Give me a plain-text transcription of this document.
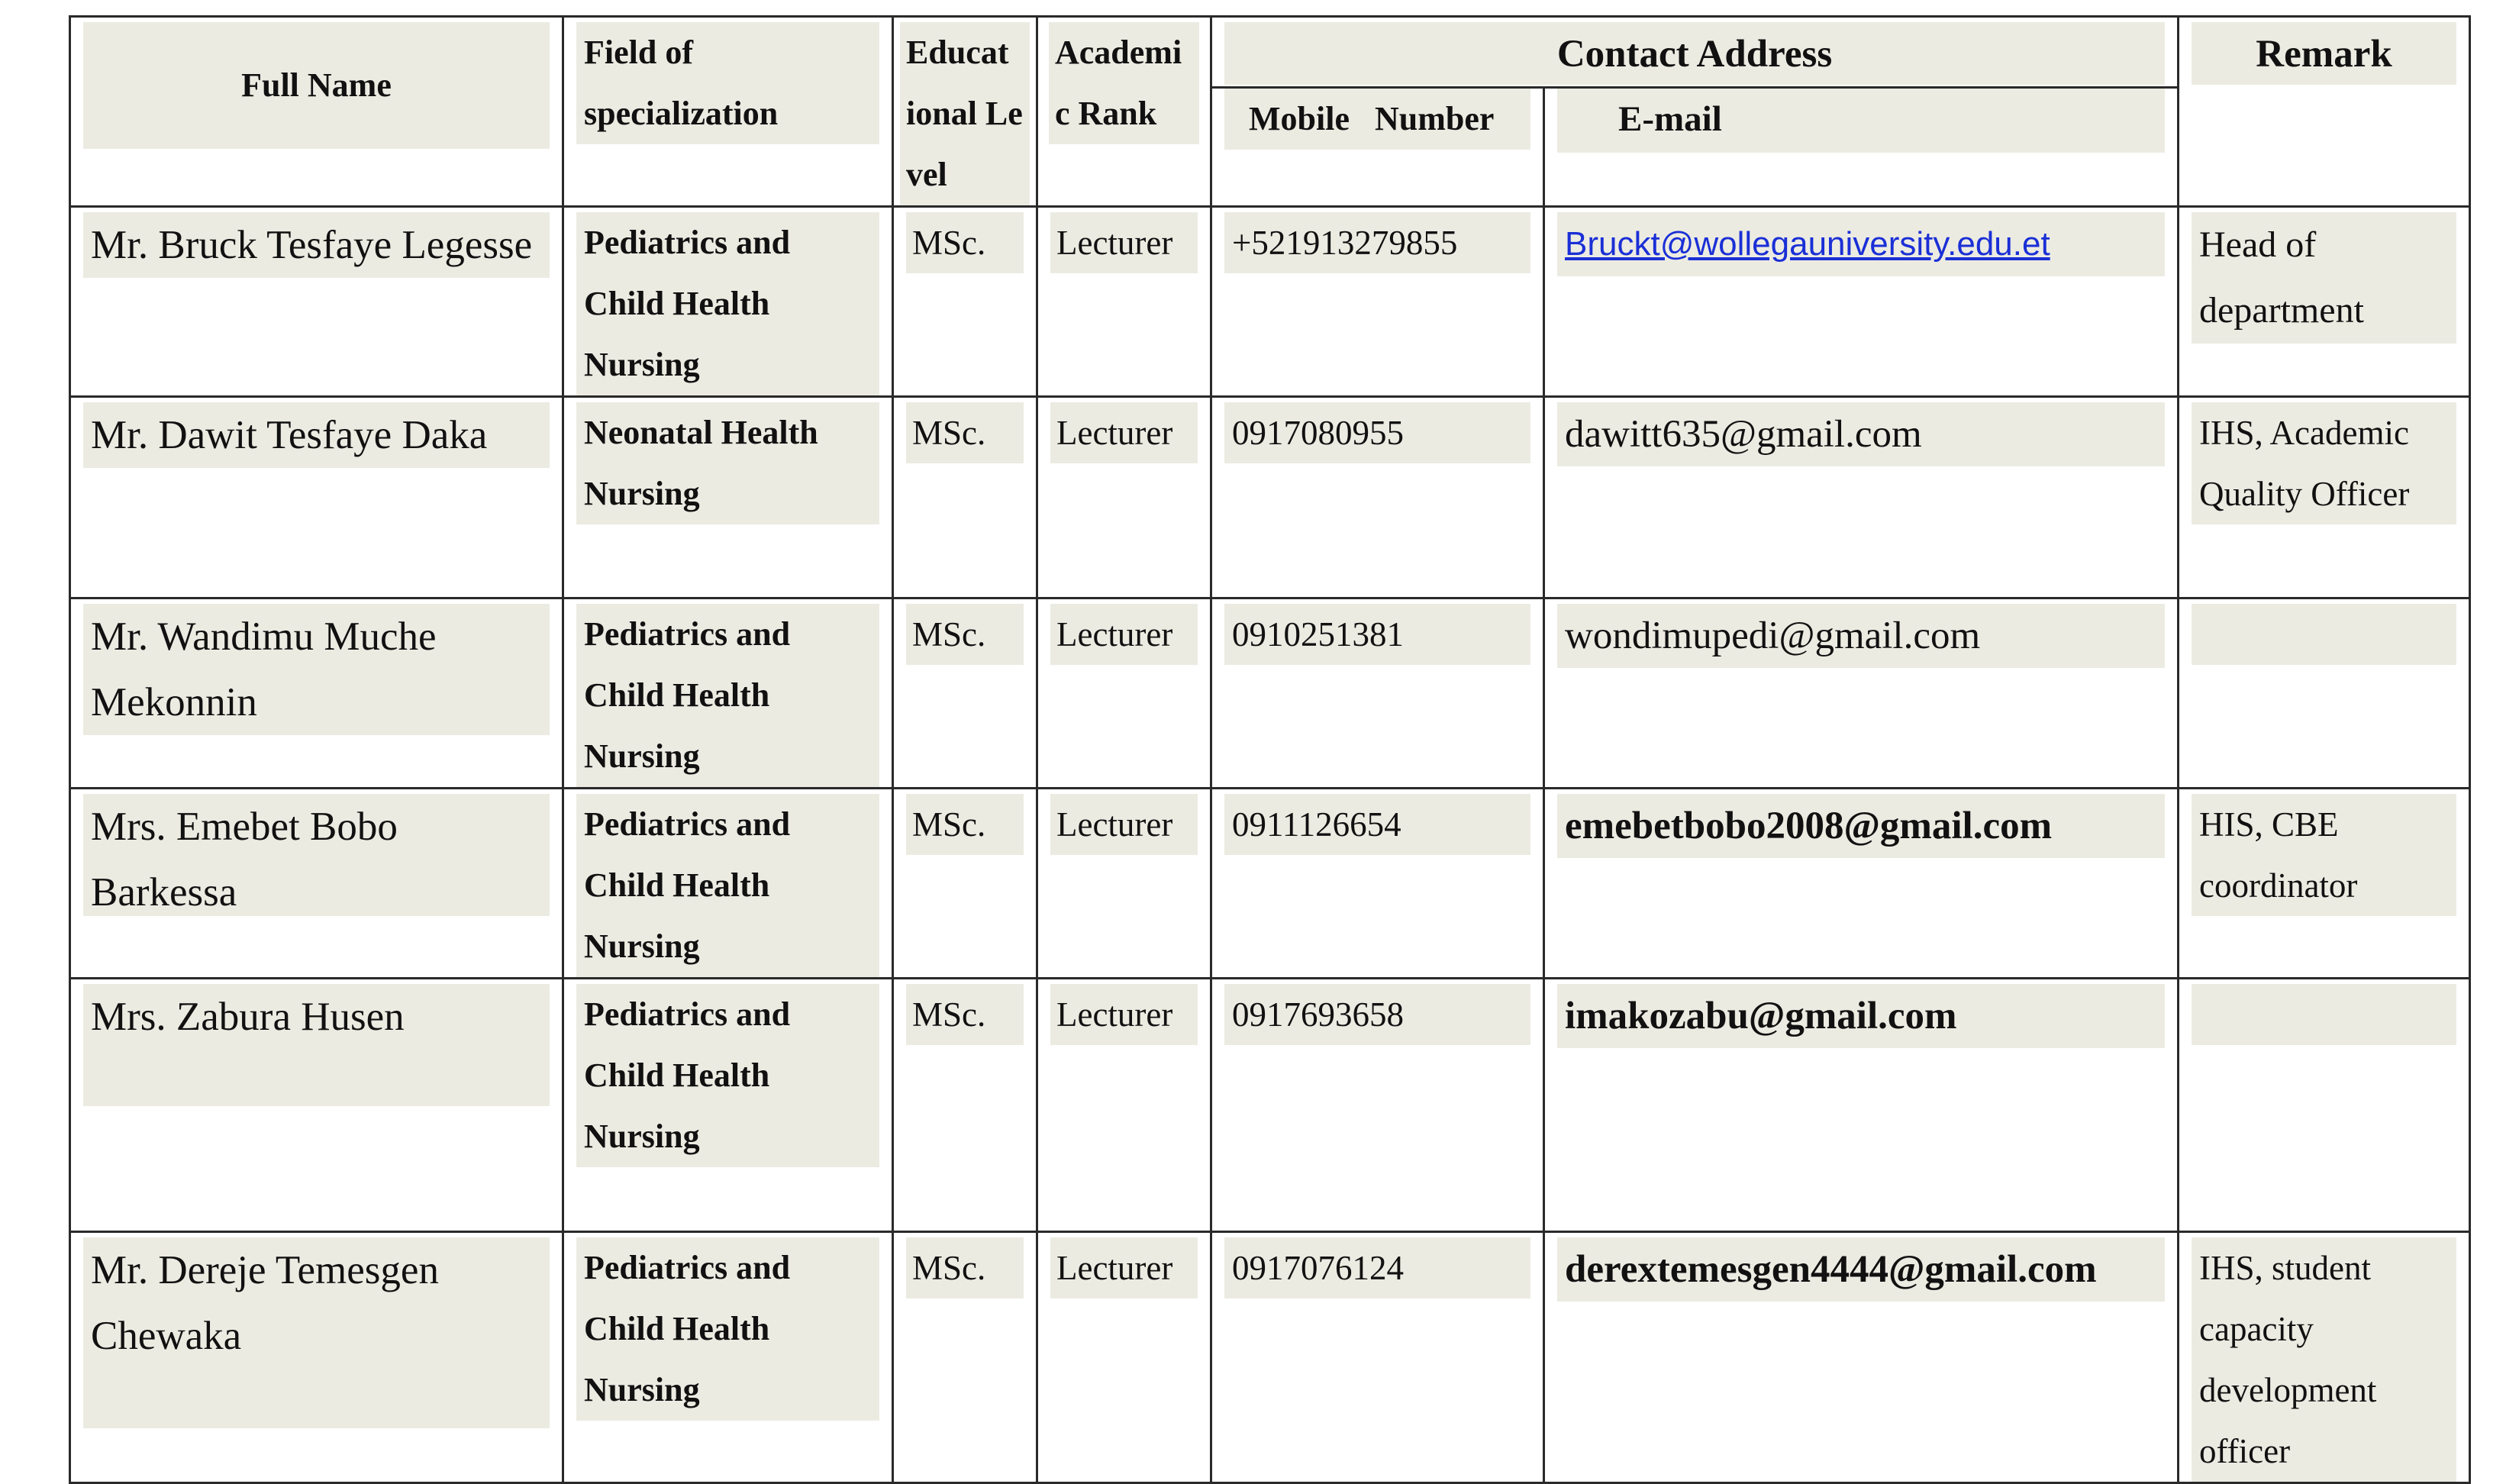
Full Name	Field of specialization	Educat ional Level	Academi c Rank	Contact Address		Remark

				Mobile   Number	E-mail	

Mr. Bruck Tesfaye Legesse	Pediatrics and Child Health Nursing	MSc.	Lecturer	+521913279855	Bruckt@wollegauniversity.edu.et	Head of department

Mr. Dawit Tesfaye Daka	Neonatal Health Nursing	MSc.	Lecturer	0917080955	dawitt635@gmail.com	IHS, Academic Quality Officer

Mr. Wandimu Muche Mekonnin	Pediatrics and Child Health Nursing	MSc.	Lecturer	0910251381	wondimupedi@gmail.com	

Mrs. Emebet Bobo Barkessa	Pediatrics and Child Health Nursing	MSc.	Lecturer	0911126654	emebetbobo2008@gmail.com	HIS, CBE coordinator

Mrs. Zabura Husen	Pediatrics and Child Health Nursing	MSc.	Lecturer	0917693658	imakozabu@gmail.com	

Mr. Dereje Temesgen Chewaka	Pediatrics and Child Health Nursing	MSc.	Lecturer	0917076124	derextemesgen4444@gmail.com	IHS, student capacity development officer
